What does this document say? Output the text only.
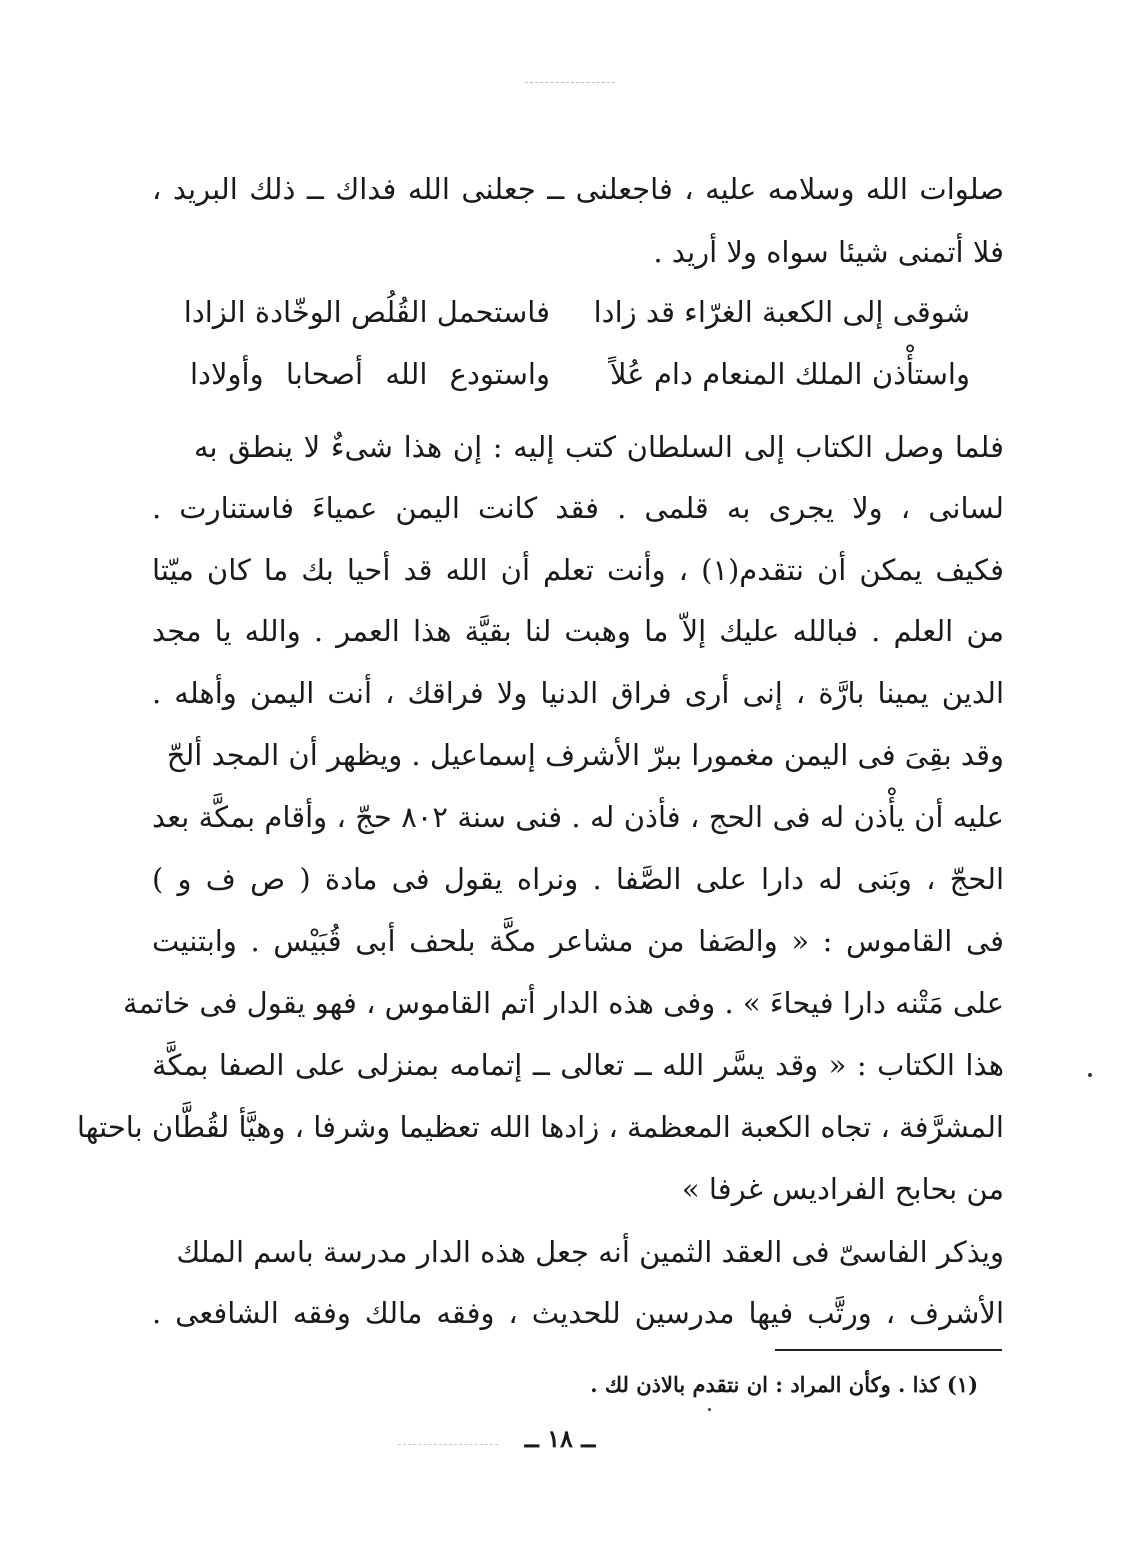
صلوات الله وسلامه عليه ، فاجعلنى ــ جعلنى الله فداك ــ ذلك البريد ،
فلا أتمنى شيئا سواه ولا أريد .
شوقى إلى الكعبة الغرّاء قد زادا
فاستحمل القُلُص الوخّادة الزادا
واستأْذن الملك المنعام دام عُلاً
واستودع الله أصحابا وأولادا
فلما وصل الكتاب إلى السلطان كتب إليه : إن هذا شىءٌ لا ينطق به
لسانى ، ولا يجرى به قلمى . فقد كانت اليمن عمياءَ فاستنارت .
فكيف يمكن أن نتقدم(١) ، وأنت تعلم أن الله قد أحيا بك ما كان ميّتا
من العلم . فبالله عليك إلاّ ما وهبت لنا بقيَّة هذا العمر . والله يا مجد
الدين يمينا بارَّة ، إنى أرى فراق الدنيا ولا فراقك ، أنت اليمن وأهله .
وقد بقِىَ فى اليمن مغمورا ببرّ الأشرف إسماعيل . ويظهر أن المجد ألحّ
عليه أن يأْذن له فى الحج ، فأذن له . فنى سنة ٨٠٢ حجّ ، وأقام بمكَّة بعد
الحجّ ، وبَنى له دارا على الصَّفا . ونراه يقول فى مادة ( ص ف و )
فى القاموس : « والصَفا من مشاعر مكَّة بلحف أبى قُبَيْس . وابتنيت
على مَتْنه دارا فيحاءَ » . وفى هذه الدار أتم القاموس ، فهو يقول فى خاتمة
هذا الكتاب : « وقد يسَّر الله ــ تعالى ــ إتمامه بمنزلى على الصفا بمكَّة
المشرَّفة ، تجاه الكعبة المعظمة ، زادها الله تعظيما وشرفا ، وهيَّأ لقُطَّان باحتها
من بحابح الفراديس غرفا »
ويذكر الفاسىّ فى العقد الثمين أنه جعل هذه الدار مدرسة باسم الملك
الأشرف ، ورتَّب فيها مدرسين للحديث ، وفقه مالك وفقه الشافعى .
(١) كذا . وكأن المراد : ان نتقدم بالاذن لك .
ــ ١٨ ــ
